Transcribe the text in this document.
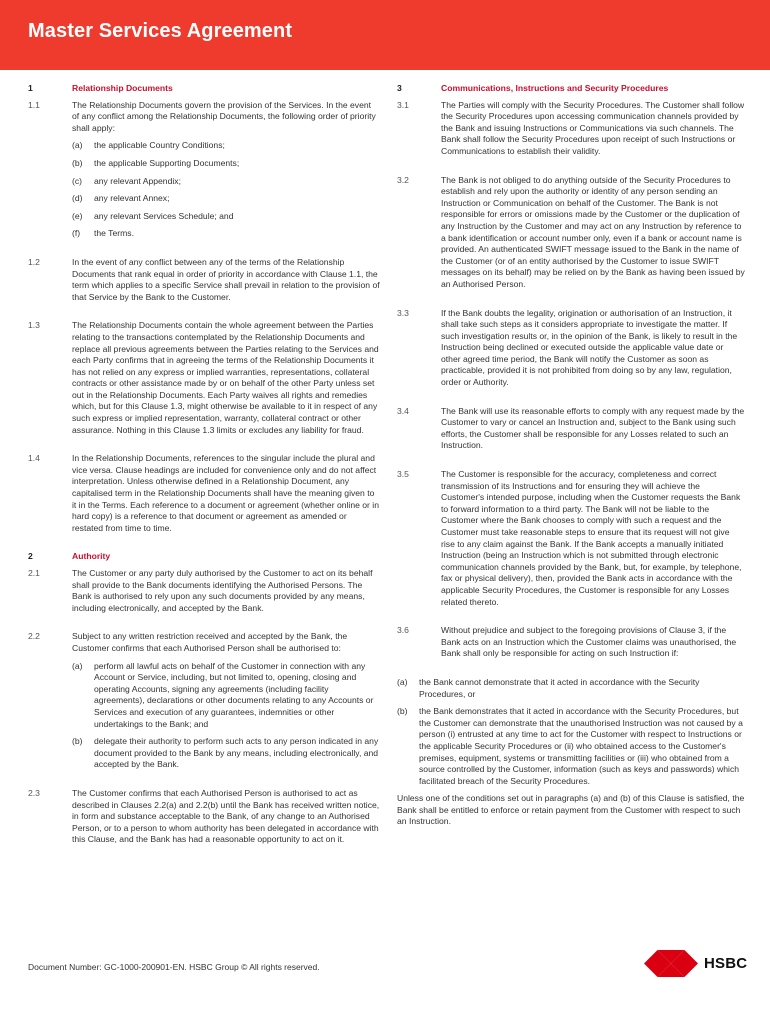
Master Services Agreement
1	Relationship Documents
1.1	The Relationship Documents govern the provision of the Services. In the event of any conflict among the Relationship Documents, the following order of priority shall apply:

(a)	the applicable Country Conditions;
(b)	the applicable Supporting Documents;
(c)	any relevant Appendix;
(d)	any relevant Annex;
(e)	any relevant Services Schedule; and
(f)	the Terms.
1.2	In the event of any conflict between any of the terms of the Relationship Documents that rank equal in order of priority in accordance with Clause 1.1, the term which applies to a specific Service shall prevail in relation to the provision of that Service by the Bank to the Customer.

1.3	The Relationship Documents contain the whole agreement between the Parties relating to the transactions contemplated by the Relationship Documents and replace all previous agreements between the Parties relating to the Services and each Party confirms that in agreeing the terms of the Relationship Documents it has not relied on any express or implied warranties, representations, collateral contracts or other assistance made by or on behalf of the other Party unless set out in the Relationship Documents. Each Party waives all rights and remedies which, but for this Clause 1.3, might otherwise be available to it in respect of any such express or implied representation, warranty, collateral contract or other assurance. Nothing in this Clause 1.3 limits or excludes any liability for fraud.

1.4	In the Relationship Documents, references to the singular include the plural and vice versa. Clause headings are included for convenience only and do not affect interpretation. Unless otherwise defined in a Relationship Document, any capitalised term in the Relationship Documents shall have the meaning given to it in the Terms. Each reference to a document or agreement (whether online or in hard copy) is a reference to that document or agreement as amended or restated from time to time.

2	Authority
2.1	The Customer or any party duly authorised by the Customer to act on its behalf shall provide to the Bank documents identifying the Authorised Persons. The Bank is authorised to rely upon any such documents provided by any means, including electronically, and accepted by the Bank.

2.2	Subject to any written restriction received and accepted by the Bank, the Customer confirms that each Authorised Person shall be authorised to:

(a)	perform all lawful acts on behalf of the Customer in connection with any Account or Service, including, but not limited to, opening, closing and operating Accounts, signing any agreements (including facility agreements), declarations or other documents relating to any Accounts or Services and execution of any guarantees, indemnities or other undertakings to the Bank; and
(b)	delegate their authority to perform such acts to any person indicated in any document provided to the Bank by any means, including electronically, and accepted by the Bank.
2.3	The Customer confirms that each Authorised Person is authorised to act as described in Clauses 2.2(a) and 2.2(b) until the Bank has received written notice, in form and substance acceptable to the Bank, of any change to an Authorised Person, or to a person to whom authority has been delegated in accordance with this Clause, and the Bank has had a reasonable opportunity to act on it.

3	Communications, Instructions and Security Procedures
3.1	The Parties will comply with the Security Procedures. The Customer shall follow the Security Procedures upon accessing communication channels provided by the Bank and issuing Instructions or Communications via such channels. The Bank shall follow the Security Procedures upon receipt of such Instructions or Communications to establish their validity.

3.2	The Bank is not obliged to do anything outside of the Security Procedures to establish and rely upon the authority or identity of any person sending an Instruction or Communication on behalf of the Customer. The Bank is not responsible for errors or omissions made by the Customer or the duplication of any Instruction by the Customer and may act on any Instruction by reference to a bank identification or account number only, even if a bank or account name is provided. An authenticated SWIFT message issued to the Bank in the name of the Customer (or of an entity authorised by the Customer to issue SWIFT messages on its behalf) may be relied on by the Bank as having been issued by an Authorised Person.

3.3	If the Bank doubts the legality, origination or authorisation of an Instruction, it shall take such steps as it considers appropriate to investigate the matter. If such investigation results or, in the opinion of the Bank, is likely to result in the Instruction being declined or executed outside the applicable value date or other agreed time period, the Bank will notify the Customer as soon as practicable, provided it is not prohibited from doing so by any law, regulation, order or Authority.

3.4	The Bank will use its reasonable efforts to comply with any request made by the Customer to vary or cancel an Instruction and, subject to the Bank using such efforts, the Customer shall be responsible for any Losses related to such an Instruction.

3.5	The Customer is responsible for the accuracy, completeness and correct transmission of its Instructions and for ensuring they will achieve the Customer's intended purpose, including when the Customer requests the Bank to forward information to a third party. The Bank will not be liable to the Customer where the Bank chooses to comply with such a request and the Customer must take reasonable steps to ensure that its request will not give rise to any claim against the Bank. If the Bank accepts a manually initiated Instruction (being an Instruction which is not submitted through electronic communication channels provided by the Bank, but, for example, by telephone, fax or physical delivery), then, provided the Bank acts in accordance with the applicable Security Procedures, the Customer is responsible for any Losses related thereto.

3.6	Without prejudice and subject to the foregoing provisions of Clause 3, if the Bank acts on an Instruction which the Customer claims was unauthorised, the Bank shall only be responsible for acting on such Instruction if:

(a)	the Bank cannot demonstrate that it acted in accordance with the Security Procedures, or
(b)	the Bank demonstrates that it acted in accordance with the Security Procedures, but the Customer can demonstrate that the unauthorised Instruction was not caused by a person (i) entrusted at any time to act for the Customer with respect to Instructions or the applicable Security Procedures or (ii) who obtained access to the Customer's premises, equipment, systems or transmitting facilities or (iii) who obtained from a source controlled by the Customer, information (such as keys and passwords) which facilitated breach of the Security Procedures.

Unless one of the conditions set out in paragraphs (a) and (b) of this Clause is satisfied, the Bank shall be entitled to enforce or retain payment from the Customer with respect to such an Instruction.

Document Number: GC-1000-200901-EN. HSBC Group © All rights reserved.	HSBC
